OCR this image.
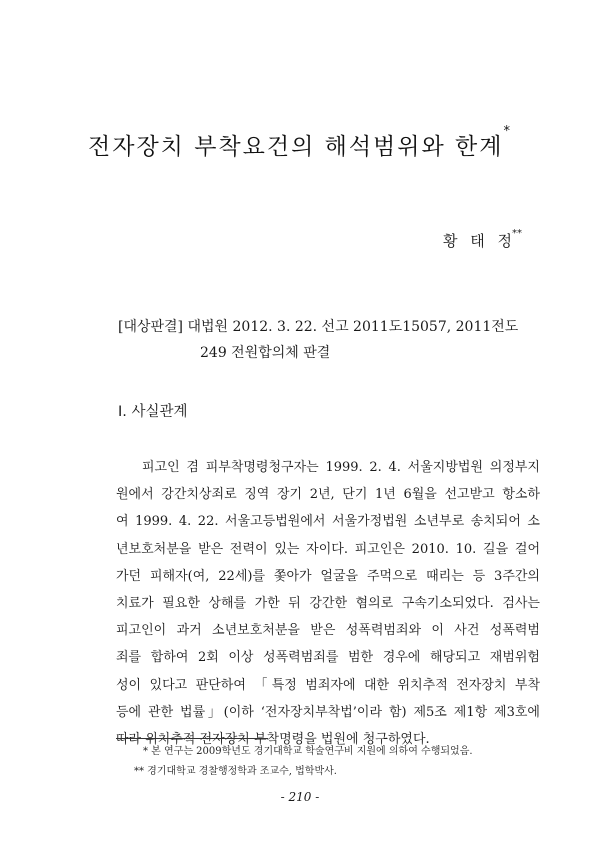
전자장치 부착요건의 해석범위와 한계*
황 태 정**
[대상판결] 대법원 2012. 3. 22. 선고 2011도15057, 2011전도
249 전원합의체 판결
Ⅰ. 사실관계
피고인 겸 피부착명령청구자는 1999. 2. 4. 서울지방법원 의정부지
원에서 강간치상죄로 징역 장기 2년, 단기 1년 6월을 선고받고 항소하
여 1999. 4. 22. 서울고등법원에서 서울가정법원 소년부로 송치되어 소
년보호처분을 받은 전력이 있는 자이다. 피고인은 2010. 10. 길을 걸어
가던 피해자(여, 22세)를 쫓아가 얼굴을 주먹으로 때리는 등 3주간의
치료가 필요한 상해를 가한 뒤 강간한 혐의로 구속기소되었다. 검사는
피고인이 과거 소년보호처분을 받은 성폭력범죄와 이 사건 성폭력범
죄를 합하여 2회 이상 성폭력범죄를 범한 경우에 해당되고 재범위험
성이 있다고 판단하여 「특정 범죄자에 대한 위치추적 전자장치 부착
등에 관한 법률」(이하 ‘전자장치부착법’이라 함) 제5조 제1항 제3호에
따라 위치추적 전자장치 부착명령을 법원에 청구하였다.
* 본 연구는 2009학년도 경기대학교 학술연구비 지원에 의하여 수행되었음.
** 경기대학교 경찰행정학과 조교수, 법학박사.
- 210 -
